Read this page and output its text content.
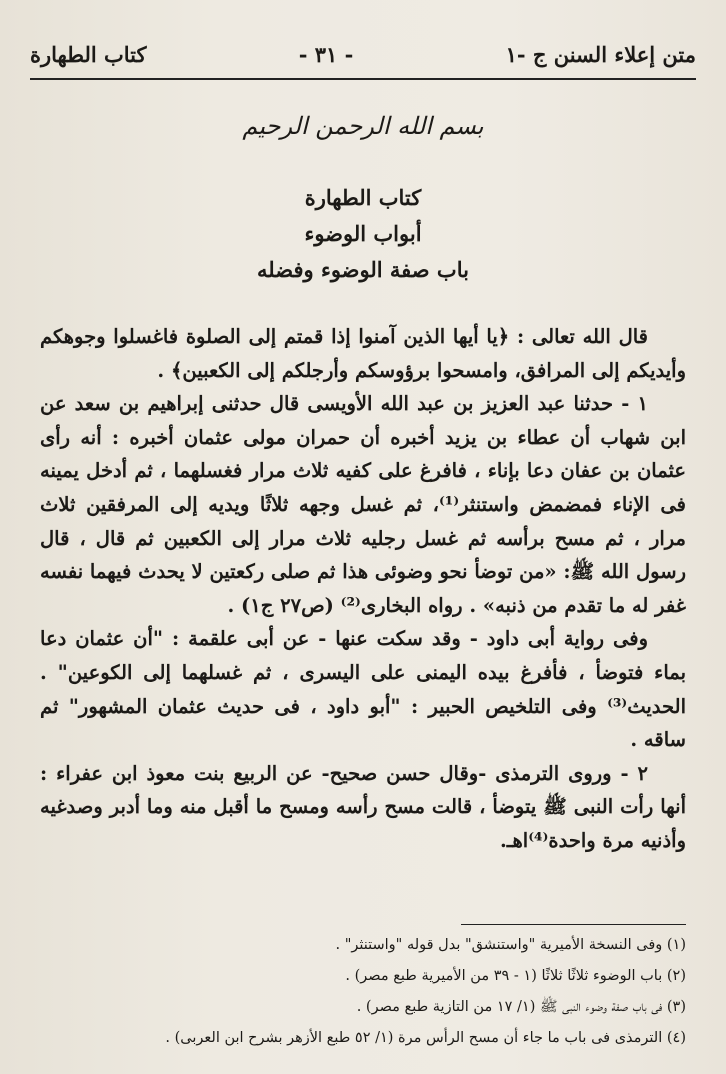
متن إعلاء السنن ج -١
- ٣١ -
كتاب الطهارة
بسم الله الرحمن الرحيم
كتاب الطهارة
أبواب الوضوء
باب صفة الوضوء وفضله

قال الله تعالى : ﴿يا أيها الذين آمنوا إذا قمتم إلى الصلوة فاغسلوا وجوهكم وأيديكم إلى المرافق، وامسحوا برؤوسكم وأرجلكم إلى الكعبين﴾ .

١ - حدثنا عبد العزيز بن عبد الله الأويسى قال حدثنى إبراهيم بن سعد عن ابن شهاب أن عطاء بن يزيد أخبره أن حمران مولى عثمان أخبره : أنه رأى عثمان بن عفان دعا بإناء ، فافرغ على كفيه ثلاث مرار فغسلهما ، ثم أدخل يمينه فى الإناء فمضمض واستنثر⁽¹⁾، ثم غسل وجهه ثلاثًا ويديه إلى المرفقين ثلاث مرار ، ثم مسح برأسه ثم غسل رجليه ثلاث مرار إلى الكعبين ثم قال ، قال رسول الله ﷺ: «من توضأ نحو وضوئى هذا ثم صلى ركعتين لا يحدث فيهما نفسه غفر له ما تقدم من ذنبه» . رواه البخارى⁽²⁾ (ص٢٧ ج١) .

وفى رواية أبى داود - وقد سكت عنها - عن أبى علقمة : "أن عثمان دعا بماء فتوضأ ، فأفرغ بيده اليمنى على اليسرى ، ثم غسلهما إلى الكوعين" . الحديث⁽³⁾ وفى التلخيص الحبير : "أبو داود ، فى حديث عثمان المشهور" ثم ساقه .

٢ - وروى الترمذى -وقال حسن صحيح- عن الربيع بنت معوذ ابن عفراء : أنها رأت النبى ﷺ يتوضأ ، قالت مسح رأسه ومسح ما أقبل منه وما أدبر وصدغيه وأذنيه مرة واحدة⁽⁴⁾اهـ.

(١) وفى النسخة الأميرية "واستنشق" بدل قوله "واستنثر" .
(٢) باب الوضوء ثلاثًا ثلاثًا (١ - ٣٩ من الأميرية طبع مصر) .
(٣) فى باب صفة وضوء النبى ﷺ (١/ ١٧ من التازية طبع مصر) .
(٤) الترمذى فى باب ما جاء أن مسح الرأس مرة (١/ ٥٢ طبع الأزهر بشرح ابن العربى) .
